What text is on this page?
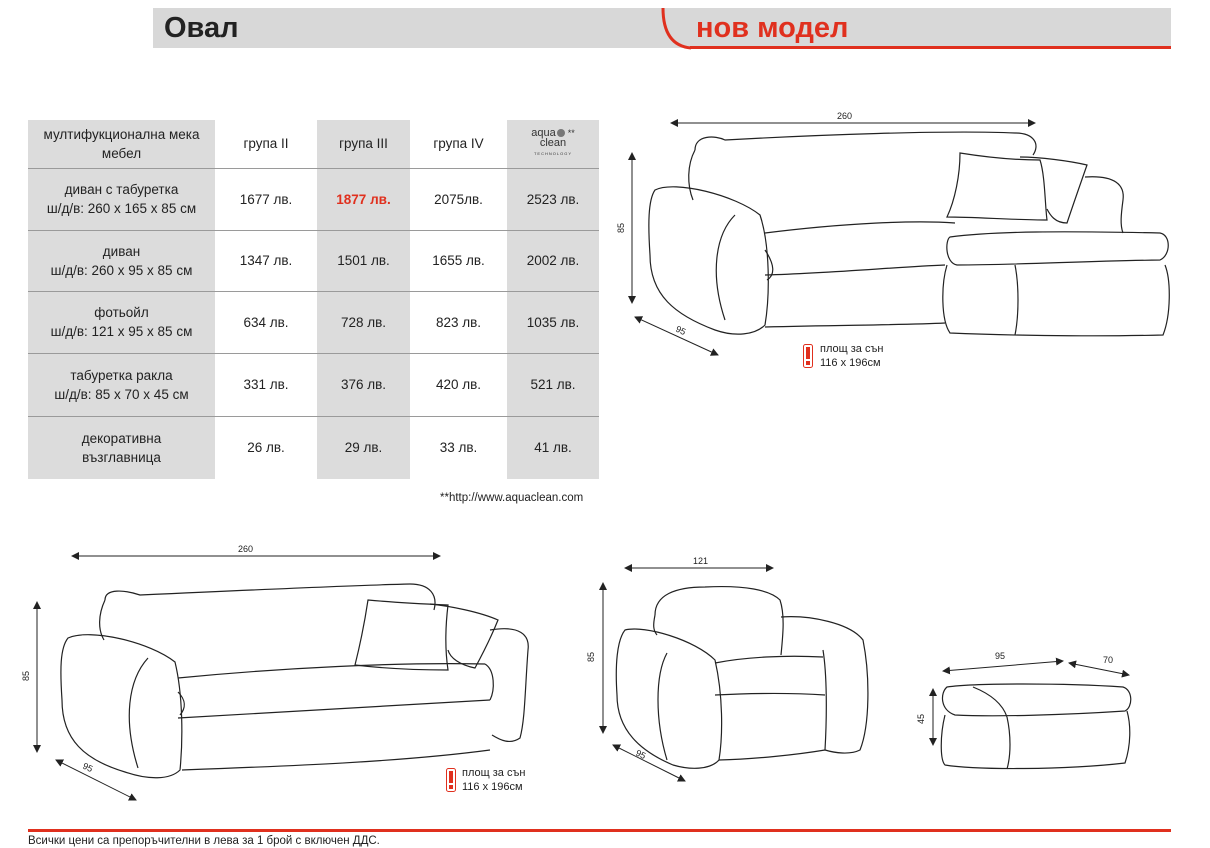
Овал	нов модел
мултифукционална мека мебел	група II	група III	група IV	aqua **
clean
TECHNOLOGY

диван с табуретка
ш/д/в: 260 x 165 x 85 см	1677 лв.	1877 лв.	2075лв.	2523 лв.
диван
ш/д/в: 260 x 95 x 85 см	1347 лв.	1501 лв.	1655 лв.	2002 лв.
фотьойл
ш/д/в: 121 x 95 x 85 см	634 лв.	728 лв.	823 лв.	1035 лв.
табуретка ракла
ш/д/в: 85 x 70 x 45 см	331 лв.	376 лв.	420 лв.	521 лв.
декоративна
възглавница	26 лв.	29 лв.	33 лв.	41 лв.
**http://www.aquaclean.com
260
85
95
площ за сън
116 x 196см
260
85
95	площ за сън
116 x 196см
121
85
95
95	70
45
Всички цени са препоръчителни в лева за 1 брой с включен ДДС.
